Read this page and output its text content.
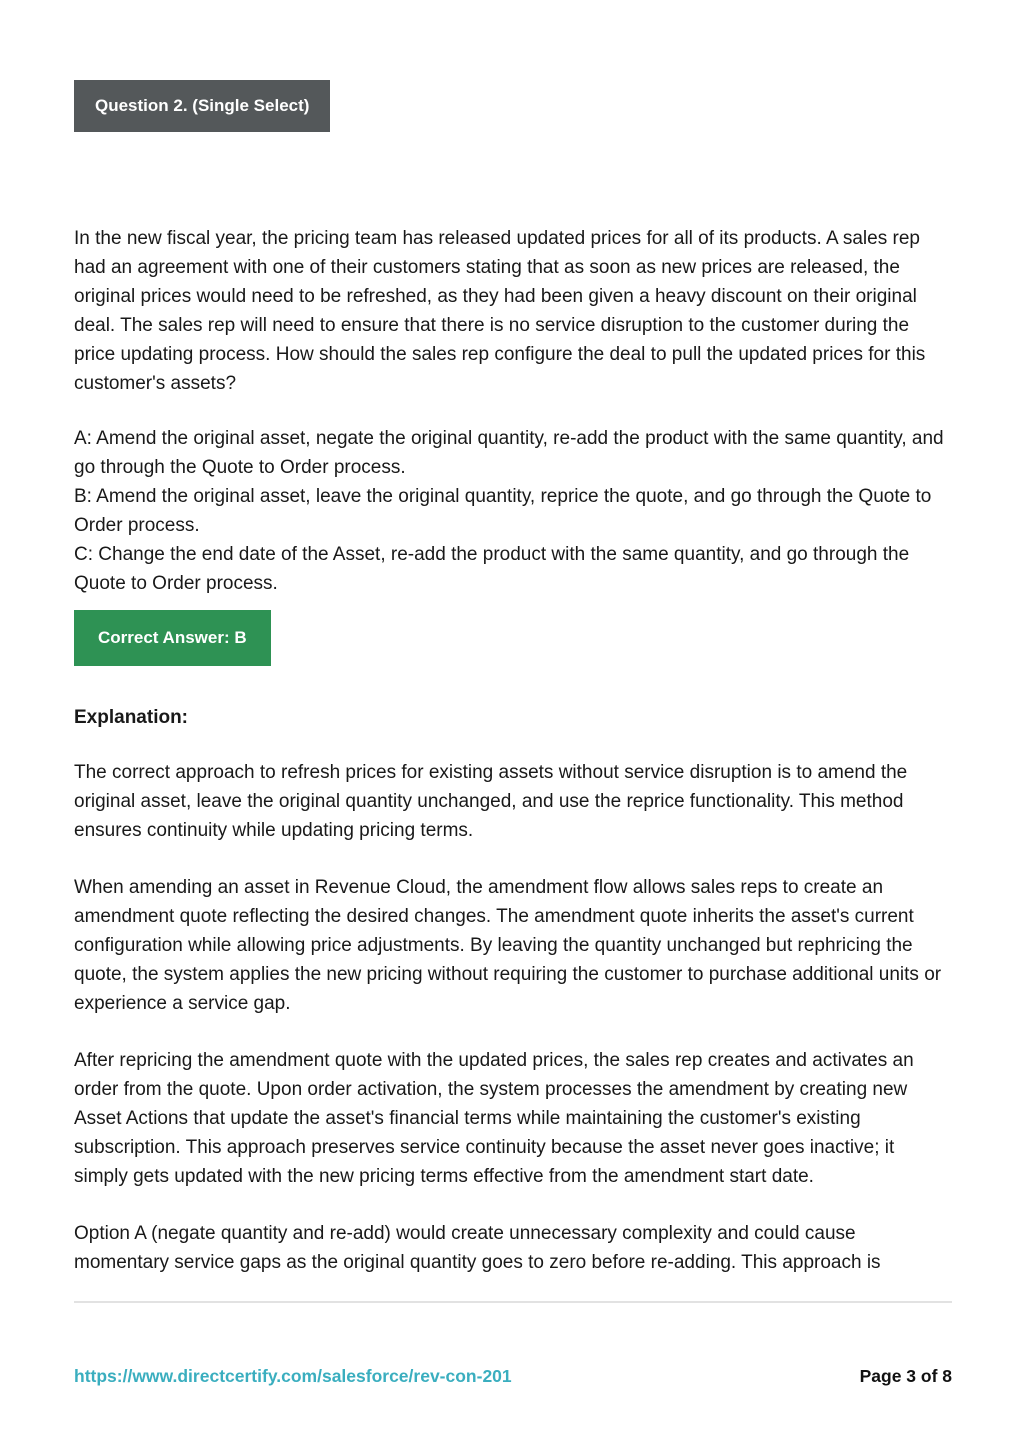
Question 2. (Single Select)
In the new fiscal year, the pricing team has released updated prices for all of its products. A sales rep had an agreement with one of their customers stating that as soon as new prices are released, the original prices would need to be refreshed, as they had been given a heavy discount on their original deal. The sales rep will need to ensure that there is no service disruption to the customer during the price updating process. How should the sales rep configure the deal to pull the updated prices for this customer's assets?
A: Amend the original asset, negate the original quantity, re-add the product with the same quantity, and go through the Quote to Order process.
B: Amend the original asset, leave the original quantity, reprice the quote, and go through the Quote to Order process.
C: Change the end date of the Asset, re-add the product with the same quantity, and go through the Quote to Order process.
Correct Answer: B
Explanation:
The correct approach to refresh prices for existing assets without service disruption is to amend the original asset, leave the original quantity unchanged, and use the reprice functionality. This method ensures continuity while updating pricing terms.
When amending an asset in Revenue Cloud, the amendment flow allows sales reps to create an amendment quote reflecting the desired changes. The amendment quote inherits the asset's current configuration while allowing price adjustments. By leaving the quantity unchanged but rephricing the quote, the system applies the new pricing without requiring the customer to purchase additional units or experience a service gap.
After repricing the amendment quote with the updated prices, the sales rep creates and activates an order from the quote. Upon order activation, the system processes the amendment by creating new Asset Actions that update the asset's financial terms while maintaining the customer's existing subscription. This approach preserves service continuity because the asset never goes inactive; it simply gets updated with the new pricing terms effective from the amendment start date.
Option A (negate quantity and re-add) would create unnecessary complexity and could cause momentary service gaps as the original quantity goes to zero before re-adding. This approach is
https://www.directcertify.com/salesforce/rev-con-201	Page 3 of 8
